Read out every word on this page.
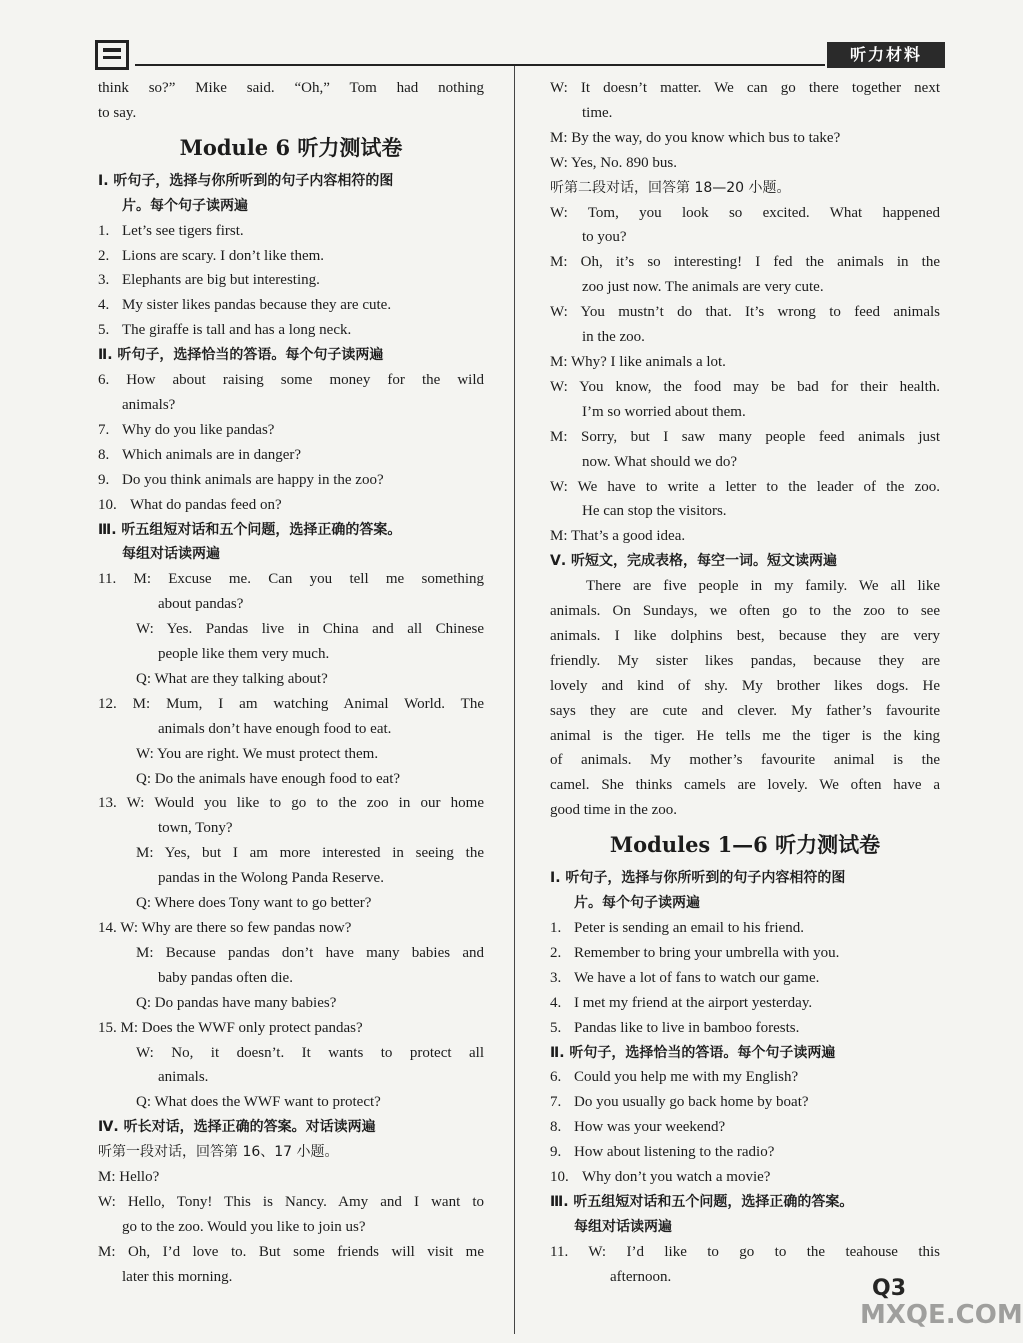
听力材料
think so?” Mike said. “Oh,” Tom had nothing
to say.
Module 6 听力测试卷
Ⅰ. 听句子，选择与你所听到的句子内容相符的图
片。每个句子读两遍
1. Let’s see tigers first.
2. Lions are scary. I don’t like them.
3. Elephants are big but interesting.
4. My sister likes pandas because they are cute.
5. The giraffe is tall and has a long neck.
Ⅱ. 听句子，选择恰当的答语。每个句子读两遍
6. How about raising some money for the wild
animals?
7. Why do you like pandas?
8. Which animals are in danger?
9. Do you think animals are happy in the zoo?
10. What do pandas feed on?
Ⅲ. 听五组短对话和五个问题，选择正确的答案。
每组对话读两遍
11. M: Excuse me. Can you tell me something
about pandas?
W: Yes. Pandas live in China and all Chinese
people like them very much.
Q: What are they talking about?
12. M: Mum, I am watching Animal World. The
animals don’t have enough food to eat.
W: You are right. We must protect them.
Q: Do the animals have enough food to eat?
13. W: Would you like to go to the zoo in our home
town, Tony?
M: Yes, but I am more interested in seeing the
pandas in the Wolong Panda Reserve.
Q: Where does Tony want to go better?
14. W: Why are there so few pandas now?
M: Because pandas don’t have many babies and
baby pandas often die.
Q: Do pandas have many babies?
15. M: Does the WWF only protect pandas?
W: No, it doesn’t. It wants to protect all
animals.
Q: What does the WWF want to protect?
Ⅳ. 听长对话，选择正确的答案。对话读两遍
听第一段对话，回答第 16、17 小题。
M: Hello?
W: Hello, Tony! This is Nancy. Amy and I want to
go to the zoo. Would you like to join us?
M: Oh, I’d love to. But some friends will visit me
later this morning.
W: It doesn’t matter. We can go there together next
time.
M: By the way, do you know which bus to take?
W: Yes, No. 890 bus.
听第二段对话，回答第 18—20 小题。
W: Tom, you look so excited. What happened
to you?
M: Oh, it’s so interesting! I fed the animals in the
zoo just now. The animals are very cute.
W: You mustn’t do that. It’s wrong to feed animals
in the zoo.
M: Why? I like animals a lot.
W: You know, the food may be bad for their health.
I’m so worried about them.
M: Sorry, but I saw many people feed animals just
now. What should we do?
W: We have to write a letter to the leader of the zoo.
He can stop the visitors.
M: That’s a good idea.
Ⅴ. 听短文，完成表格，每空一词。短文读两遍
There are five people in my family. We all like
animals. On Sundays, we often go to the zoo to see
animals. I like dolphins best, because they are very
friendly. My sister likes pandas, because they are
lovely and kind of shy. My brother likes dogs. He
says they are cute and clever. My father’s favourite
animal is the tiger. He tells me the tiger is the king
of animals. My mother’s favourite animal is the
camel. She thinks camels are lovely. We often have a
good time in the zoo.
Modules 1—6 听力测试卷
Ⅰ. 听句子，选择与你所听到的句子内容相符的图
片。每个句子读两遍
1. Peter is sending an email to his friend.
2. Remember to bring your umbrella with you.
3. We have a lot of fans to watch our game.
4. I met my friend at the airport yesterday.
5. Pandas like to live in bamboo forests.
Ⅱ. 听句子，选择恰当的答语。每个句子读两遍
6. Could you help me with my English?
7. Do you usually go back home by boat?
8. How was your weekend?
9. How about listening to the radio?
10. Why don’t you watch a movie?
Ⅲ. 听五组短对话和五个问题，选择正确的答案。
每组对话读两遍
11. W: I’d like to go to the teahouse this
afternoon.
MXQE.COM
Q3
